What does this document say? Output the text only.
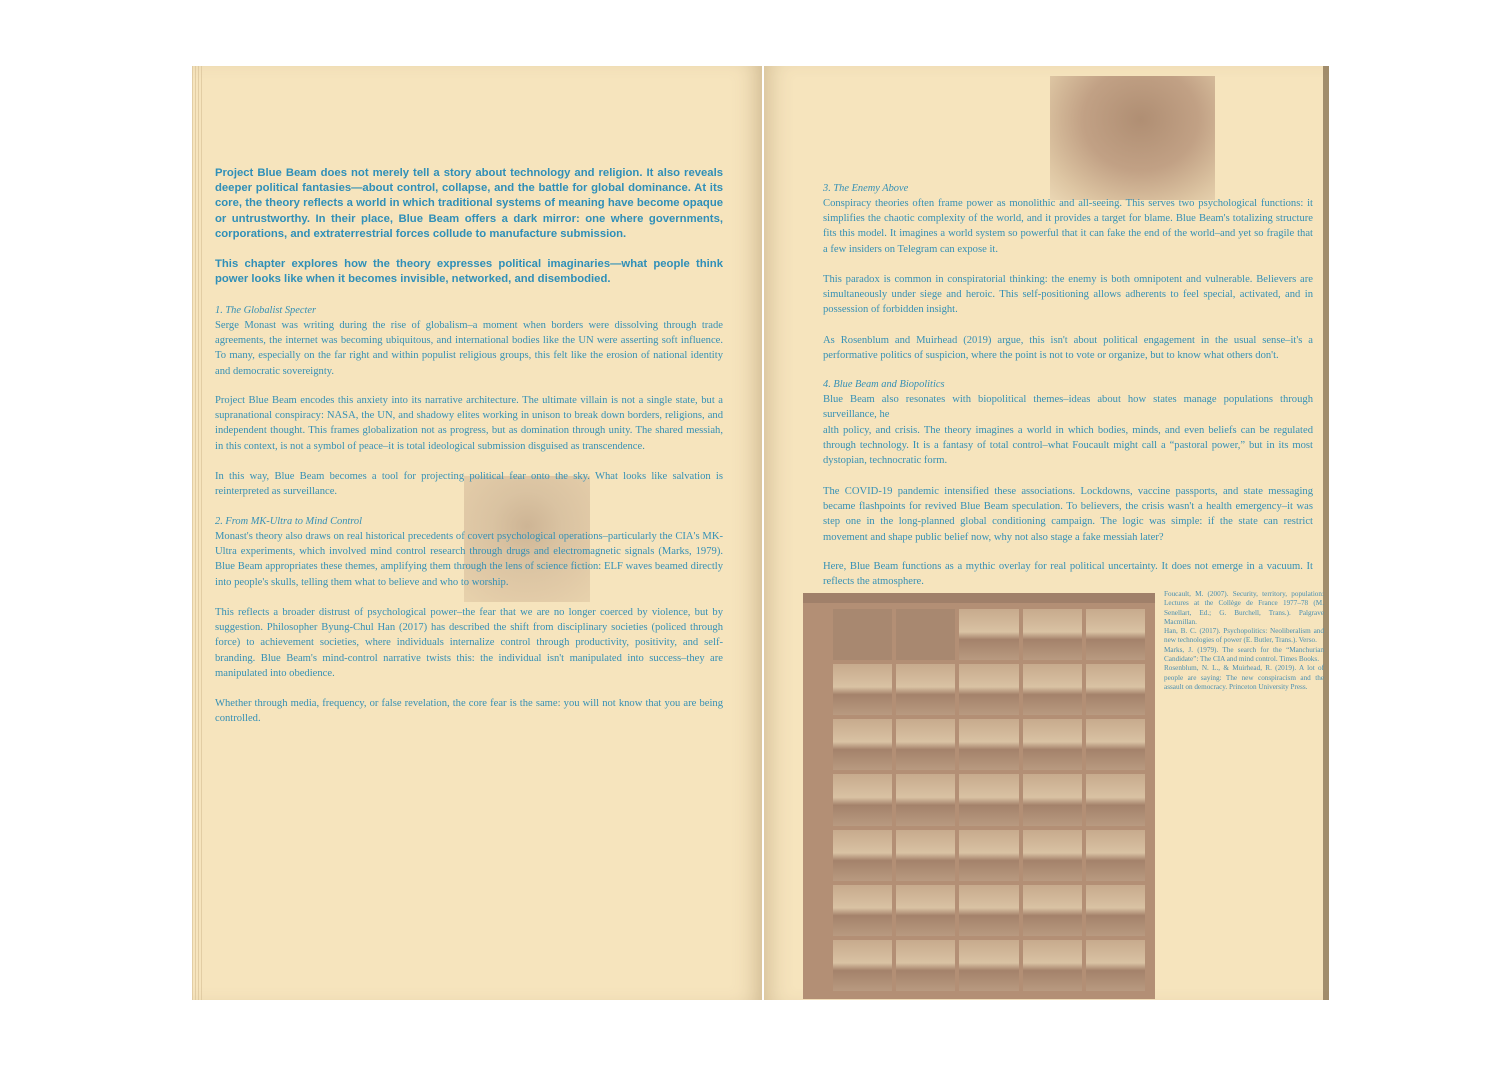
Project Blue Beam does not merely tell a story about technology and religion. It also reveals deeper political fantasies—about control, collapse, and the battle for global dominance. At its core, the theory reflects a world in which traditional systems of meaning have become opaque or untrustworthy. In their place, Blue Beam offers a dark mirror: one where governments, corporations, and extraterrestrial forces collude to manufacture submission.

This chapter explores how the theory expresses political imaginaries—what people think power looks like when it becomes invisible, networked, and disembodied.

1. The Globalist Specter

Serge Monast was writing during the rise of globalism–a moment when borders were dissolving through trade agreements, the internet was becoming ubiquitous, and international bodies like the UN were asserting soft influence. To many, especially on the far right and within populist religious groups, this felt like the erosion of national identity and democratic sovereignty.

Project Blue Beam encodes this anxiety into its narrative architecture. The ultimate villain is not a single state, but a supranational conspiracy: NASA, the UN, and shadowy elites working in unison to break down borders, religions, and independent thought. This frames globalization not as progress, but as domination through unity. The shared messiah, in this context, is not a symbol of peace–it is total ideological submission disguised as transcendence.

In this way, Blue Beam becomes a tool for projecting political fear onto the sky. What looks like salvation is reinterpreted as surveillance.

2. From MK-Ultra to Mind Control

Monast's theory also draws on real historical precedents of covert psychological operations–particularly the CIA's MK-Ultra experiments, which involved mind control research through drugs and electromagnetic signals (Marks, 1979). Blue Beam appropriates these themes, amplifying them through the lens of science fiction: ELF waves beamed directly into people's skulls, telling them what to believe and who to worship.

This reflects a broader distrust of psychological power–the fear that we are no longer coerced by violence, but by suggestion. Philosopher Byung-Chul Han (2017) has described the shift from disciplinary societies (policed through force) to achievement societies, where individuals internalize control through productivity, positivity, and self-branding. Blue Beam's mind-control narrative twists this: the individual isn't manipulated into success–they are manipulated into obedience.

Whether through media, frequency, or false revelation, the core fear is the same: you will not know that you are being controlled.

3. The Enemy Above

Conspiracy theories often frame power as monolithic and all-seeing. This serves two psychological functions: it simplifies the chaotic complexity of the world, and it provides a target for blame. Blue Beam's totalizing structure fits this model. It imagines a world system so powerful that it can fake the end of the world–and yet so fragile that a few insiders on Telegram can expose it.

This paradox is common in conspiratorial thinking: the enemy is both omnipotent and vulnerable. Believers are simultaneously under siege and heroic. This self-positioning allows adherents to feel special, activated, and in possession of forbidden insight.

As Rosenblum and Muirhead (2019) argue, this isn't about political engagement in the usual sense–it's a performative politics of suspicion, where the point is not to vote or organize, but to know what others don't.

4. Blue Beam and Biopolitics

Blue Beam also resonates with biopolitical themes–ideas about how states manage populations through surveillance, he

alth policy, and crisis. The theory imagines a world in which bodies, minds, and even beliefs can be regulated through technology. It is a fantasy of total control–what Foucault might call a “pastoral power,” but in its most dystopian, technocratic form.

The COVID-19 pandemic intensified these associations. Lockdowns, vaccine passports, and state messaging became flashpoints for revived Blue Beam speculation. To believers, the crisis wasn't a health emergency–it was step one in the long-planned global conditioning campaign. The logic was simple: if the state can restrict movement and shape public belief now, why not also stage a fake messiah later?

Here, Blue Beam functions as a mythic overlay for real political uncertainty. It does not emerge in a vacuum. It reflects the atmosphere.

Foucault, M. (2007). Security, territory, population: Lectures at the Collège de France 1977–78 (M. Senellart, Ed.; G. Burchell, Trans.). Palgrave Macmillan.
Han, B. C. (2017). Psychopolitics: Neoliberalism and new technologies of power (E. Butler, Trans.). Verso.
Marks, J. (1979). The search for the “Manchurian Candidate”: The CIA and mind control. Times Books.
Rosenblum, N. L., & Muirhead, R. (2019). A lot of people are saying: The new conspiracism and the assault on democracy. Princeton University Press.
